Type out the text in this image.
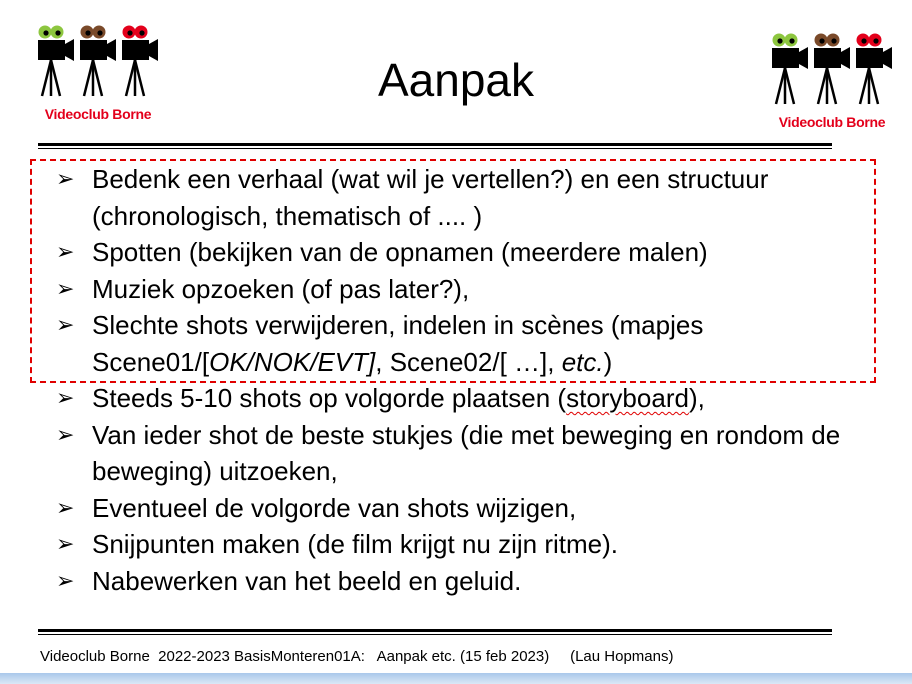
Videoclub Borne	Videoclub Borne
Aanpak
➢ Bedenk een verhaal (wat wil je vertellen?) en een structuur (chronologisch, thematisch of .... )
➢ Spotten (bekijken van de opnamen (meerdere malen)
➢ Muziek opzoeken (of pas later?),
➢ Slechte shots verwijderen, indelen in scènes (mapjes Scene01/[OK/NOK/EVT], Scene02/[ …], etc.)
➢ Steeds 5-10 shots op volgorde plaatsen (storyboard),
➢ Van ieder shot de beste stukjes (die met beweging en rondom de beweging) uitzoeken,
➢ Eventueel de volgorde van shots wijzigen,
➢ Snijpunten maken (de film krijgt nu zijn ritme).
➢ Nabewerken van het beeld en geluid.
Videoclub Borne  2022-2023 BasisMonteren01A:   Aanpak etc. (15 feb 2023)     (Lau Hopmans)
